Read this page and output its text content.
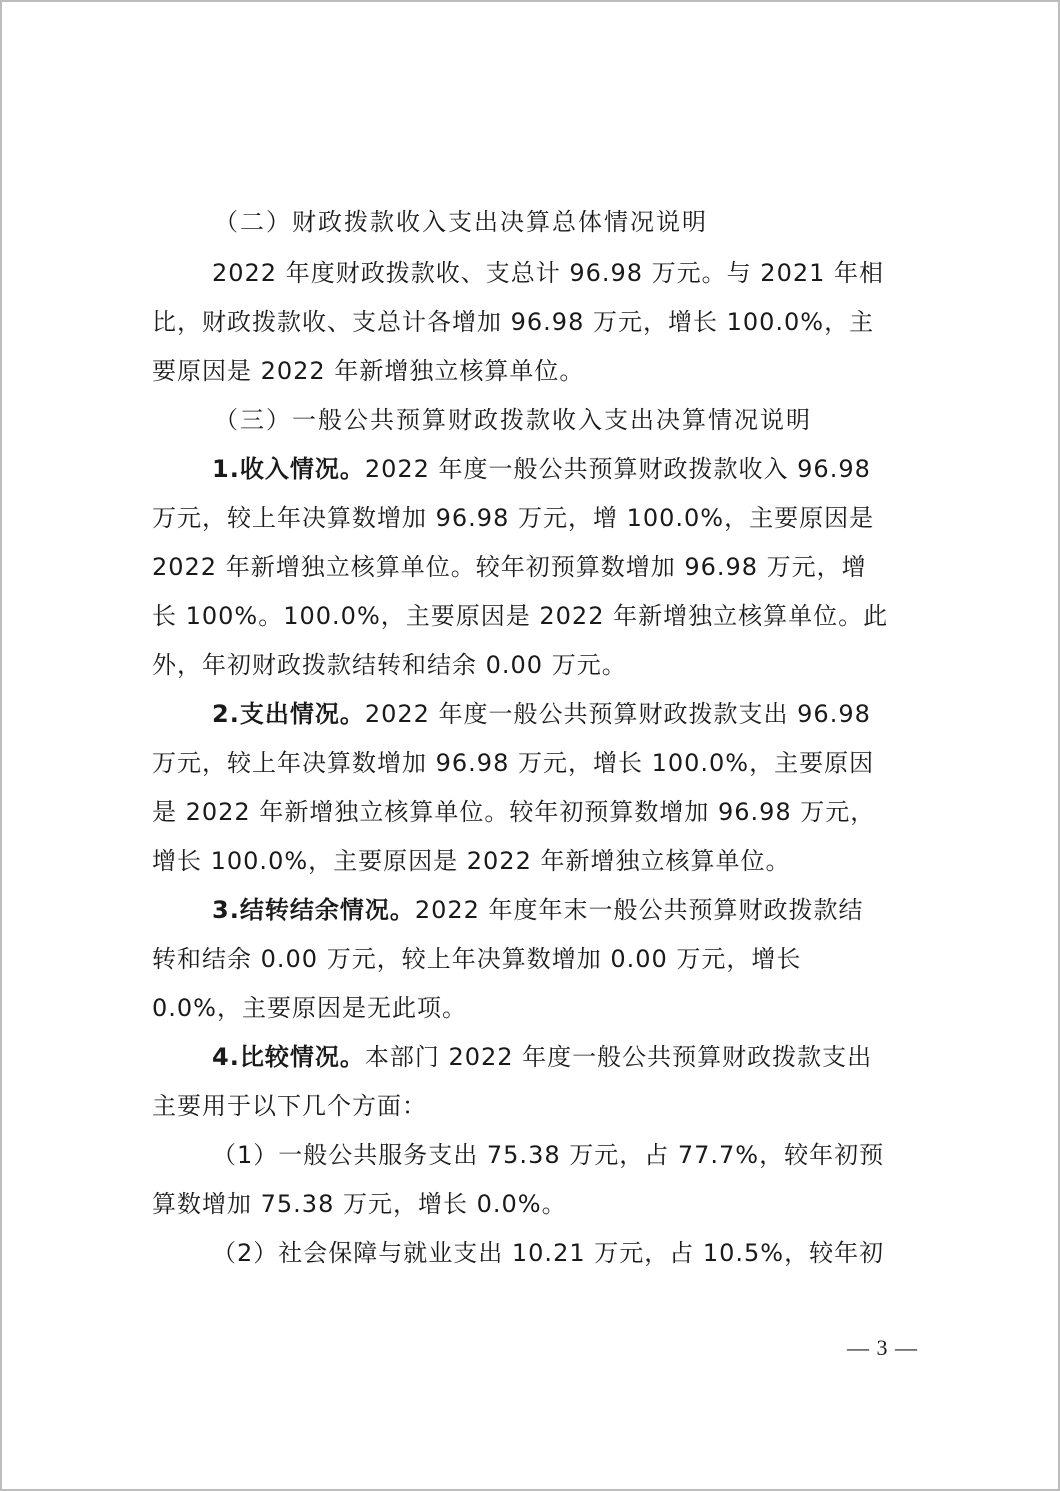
（二）财政拨款收入支出决算总体情况说明
2022 年度财政拨款收、支总计 96.98 万元。与 2021 年相
比，财政拨款收、支总计各增加 96.98 万元，增长 100.0%，主
要原因是 2022 年新增独立核算单位。
（三）一般公共预算财政拨款收入支出决算情况说明
1.收入情况。2022 年度一般公共预算财政拨款收入 96.98
万元，较上年决算数增加 96.98 万元，增 100.0%，主要原因是
2022 年新增独立核算单位。较年初预算数增加 96.98 万元，增
长 100%。100.0%，主要原因是 2022 年新增独立核算单位。此
外，年初财政拨款结转和结余 0.00 万元。
2.支出情况。2022 年度一般公共预算财政拨款支出 96.98
万元，较上年决算数增加 96.98 万元，增长 100.0%，主要原因
是 2022 年新增独立核算单位。较年初预算数增加 96.98 万元，
增长 100.0%，主要原因是 2022 年新增独立核算单位。
3.结转结余情况。2022 年度年末一般公共预算财政拨款结
转和结余 0.00 万元，较上年决算数增加 0.00 万元，增长
0.0%，主要原因是无此项。
4.比较情况。本部门 2022 年度一般公共预算财政拨款支出
主要用于以下几个方面：
（1）一般公共服务支出 75.38 万元，占 77.7%，较年初预
算数增加 75.38 万元，增长 0.0%。
（2）社会保障与就业支出 10.21 万元，占 10.5%，较年初
— 3 —
